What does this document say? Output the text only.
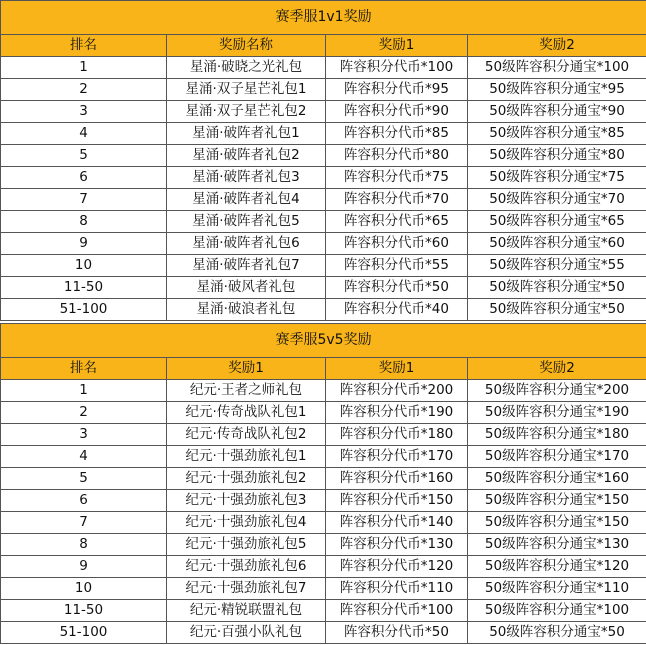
赛季服1v1奖励			
排名	奖励名称	奖励1	奖励2
1	星涌·破晓之光礼包	阵容积分代币*100	50级阵容积分通宝*100
2	星涌·双子星芒礼包1	阵容积分代币*95	50级阵容积分通宝*95
3	星涌·双子星芒礼包2	阵容积分代币*90	50级阵容积分通宝*90
4	星涌·破阵者礼包1	阵容积分代币*85	50级阵容积分通宝*85
5	星涌·破阵者礼包2	阵容积分代币*80	50级阵容积分通宝*80
6	星涌·破阵者礼包3	阵容积分代币*75	50级阵容积分通宝*75
7	星涌·破阵者礼包4	阵容积分代币*70	50级阵容积分通宝*70
8	星涌·破阵者礼包5	阵容积分代币*65	50级阵容积分通宝*65
9	星涌·破阵者礼包6	阵容积分代币*60	50级阵容积分通宝*60
10	星涌·破阵者礼包7	阵容积分代币*55	50级阵容积分通宝*55
11-50	星涌·破风者礼包	阵容积分代币*50	50级阵容积分通宝*50
51-100	星涌·破浪者礼包	阵容积分代币*40	50级阵容积分通宝*50
赛季服5v5奖励			
排名	奖励1	奖励1	奖励2
1	纪元·王者之师礼包	阵容积分代币*200	50级阵容积分通宝*200
2	纪元·传奇战队礼包1	阵容积分代币*190	50级阵容积分通宝*190
3	纪元·传奇战队礼包2	阵容积分代币*180	50级阵容积分通宝*180
4	纪元·十强劲旅礼包1	阵容积分代币*170	50级阵容积分通宝*170
5	纪元·十强劲旅礼包2	阵容积分代币*160	50级阵容积分通宝*160
6	纪元·十强劲旅礼包3	阵容积分代币*150	50级阵容积分通宝*150
7	纪元·十强劲旅礼包4	阵容积分代币*140	50级阵容积分通宝*150
8	纪元·十强劲旅礼包5	阵容积分代币*130	50级阵容积分通宝*130
9	纪元·十强劲旅礼包6	阵容积分代币*120	50级阵容积分通宝*120
10	纪元·十强劲旅礼包7	阵容积分代币*110	50级阵容积分通宝*110
11-50	纪元·精锐联盟礼包	阵容积分代币*100	50级阵容积分通宝*100
51-100	纪元·百强小队礼包	阵容积分代币*50	50级阵容积分通宝*50
